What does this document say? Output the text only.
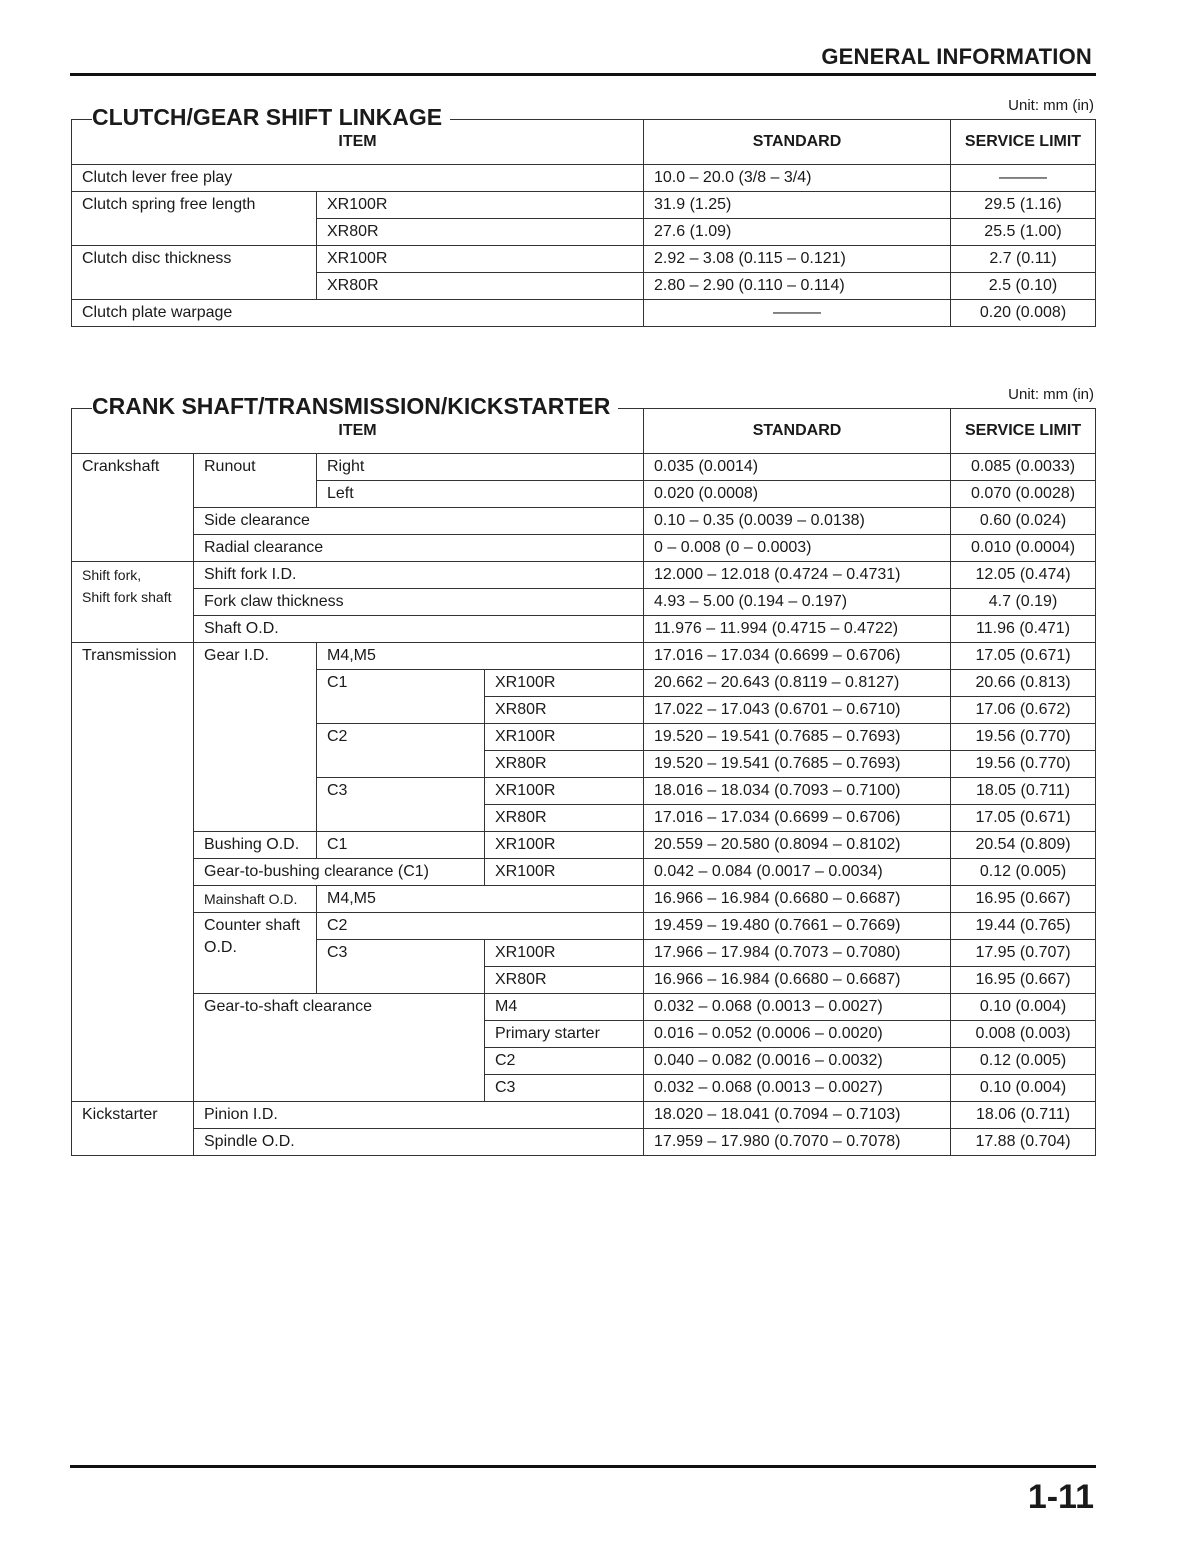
GENERAL INFORMATION
CLUTCH/GEAR SHIFT LINKAGE	Unit: mm (in)
ITEM		STANDARD	SERVICE LIMIT
Clutch lever free play		10.0 – 20.0 (3/8 – 3/4)	———
Clutch spring free length	XR100R	31.9 (1.25)	29.5 (1.16)
	XR80R	27.6 (1.09)	25.5 (1.00)
Clutch disc thickness	XR100R	2.92 – 3.08 (0.115 – 0.121)	2.7 (0.11)
	XR80R	2.80 – 2.90 (0.110 – 0.114)	2.5 (0.10)
Clutch plate warpage		———	0.20 (0.008)
CRANK SHAFT/TRANSMISSION/KICKSTARTER	Unit: mm (in)
ITEM				STANDARD	SERVICE LIMIT
Crankshaft	Runout	Right		0.035 (0.0014)	0.085 (0.0033)
		Left		0.020 (0.0008)	0.070 (0.0028)
	Side clearance			0.10 – 0.35 (0.0039 – 0.0138)	0.60 (0.024)
	Radial clearance			0 – 0.008 (0 – 0.0003)	0.010 (0.0004)

Shift fork,
Shift fork shaft	Shift fork I.D.			12.000 – 12.018 (0.4724 – 0.4731)	12.05 (0.474)
	Fork claw thickness			4.93 – 5.00 (0.194 – 0.197)	4.7 (0.19)
	Shaft O.D.			11.976 – 11.994 (0.4715 – 0.4722)	11.96 (0.471)
Transmission	Gear I.D.	M4,M5		17.016 – 17.034 (0.6699 – 0.6706)	17.05 (0.671)
		C1	XR100R	20.662 – 20.643 (0.8119 – 0.8127)	20.66 (0.813)
			XR80R	17.022 – 17.043 (0.6701 – 0.6710)	17.06 (0.672)
		C2	XR100R	19.520 – 19.541 (0.7685 – 0.7693)	19.56 (0.770)
			XR80R	19.520 – 19.541 (0.7685 – 0.7693)	19.56 (0.770)
		C3	XR100R	18.016 – 18.034 (0.7093 – 0.7100)	18.05 (0.711)
			XR80R	17.016 – 17.034 (0.6699 – 0.6706)	17.05 (0.671)
	Bushing O.D.	C1	XR100R	20.559 – 20.580 (0.8094 – 0.8102)	20.54 (0.809)
	Gear-to-bushing clearance (C1)		XR100R	0.042 – 0.084 (0.0017 – 0.0034)	0.12 (0.005)
	Mainshaft O.D.	M4,M5		16.966 – 16.984 (0.6680 – 0.6687)	16.95 (0.667)
	Counter shaft O.D.	C2		19.459 – 19.480 (0.7661 – 0.7669)	19.44 (0.765)
		C3	XR100R	17.966 – 17.984 (0.7073 – 0.7080)	17.95 (0.707)
			XR80R	16.966 – 16.984 (0.6680 – 0.6687)	16.95 (0.667)
	Gear-to-shaft clearance		M4	0.032 – 0.068 (0.0013 – 0.0027)	0.10 (0.004)
			Primary starter	0.016 – 0.052 (0.0006 – 0.0020)	0.008 (0.003)
			C2	0.040 – 0.082 (0.0016 – 0.0032)	0.12 (0.005)
			C3	0.032 – 0.068 (0.0013 – 0.0027)	0.10 (0.004)
Kickstarter	Pinion I.D.			18.020 – 18.041 (0.7094 – 0.7103)	18.06 (0.711)
	Spindle O.D.			17.959 – 17.980 (0.7070 – 0.7078)	17.88 (0.704)
1-11
